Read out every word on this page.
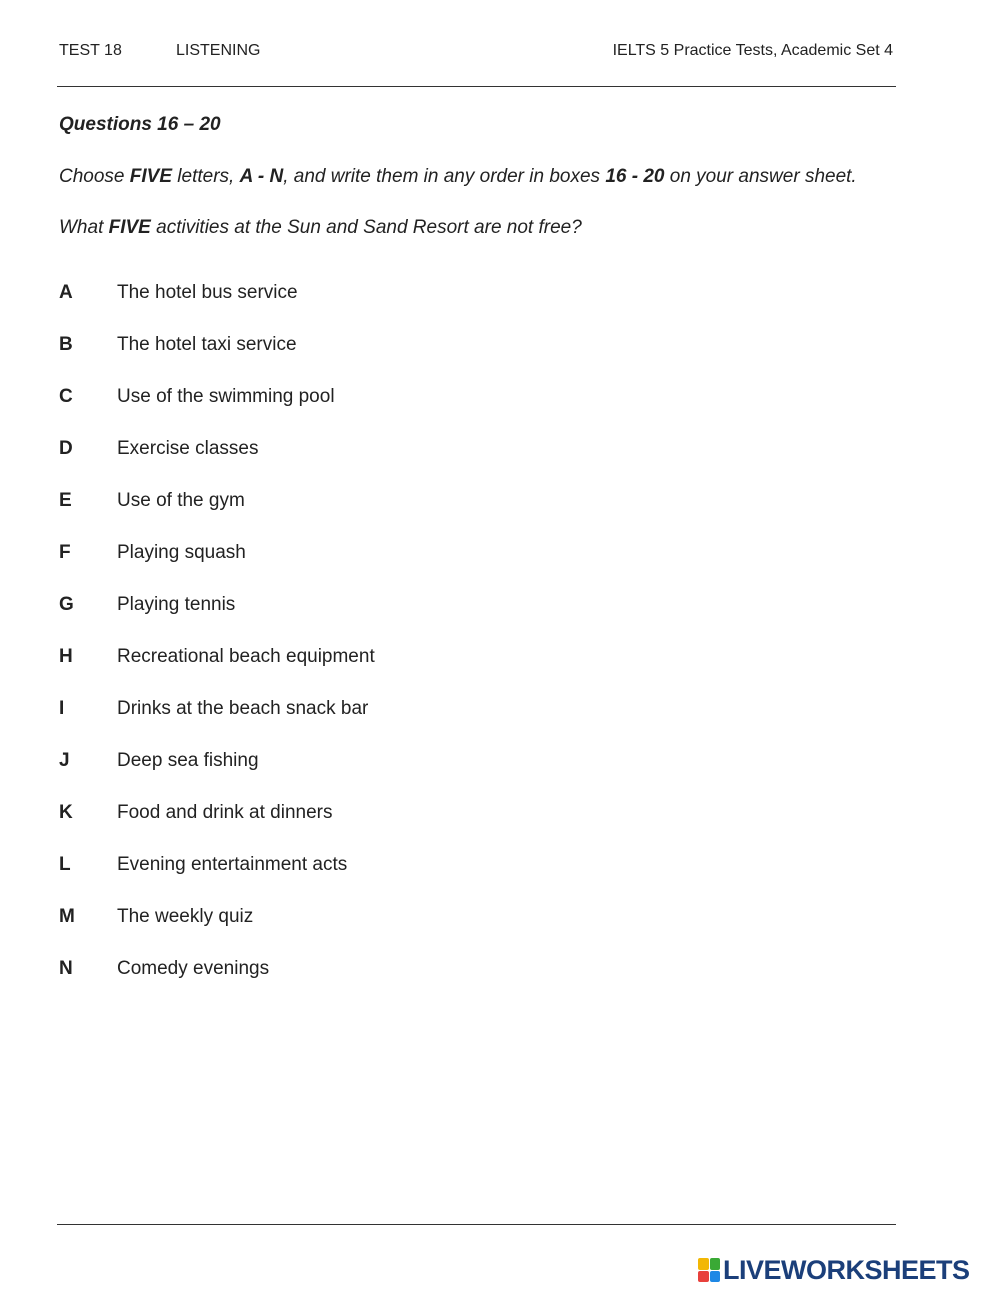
TEST 18	LISTENING	IELTS 5 Practice Tests, Academic Set 4
Questions 16 – 20
Choose FIVE letters, A - N, and write them in any order in boxes 16 - 20 on your answer sheet.
What FIVE activities at the Sun and Sand Resort are not free?
A The hotel bus service
B The hotel taxi service
C Use of the swimming pool
D Exercise classes
E Use of the gym
F Playing squash
G Playing tennis
H Recreational beach equipment
I	Drinks at the beach snack bar
J Deep sea fishing
K Food and drink at dinners
L Evening entertainment acts
M The weekly quiz
N Comedy evenings
LIVEWORKSHEETS
